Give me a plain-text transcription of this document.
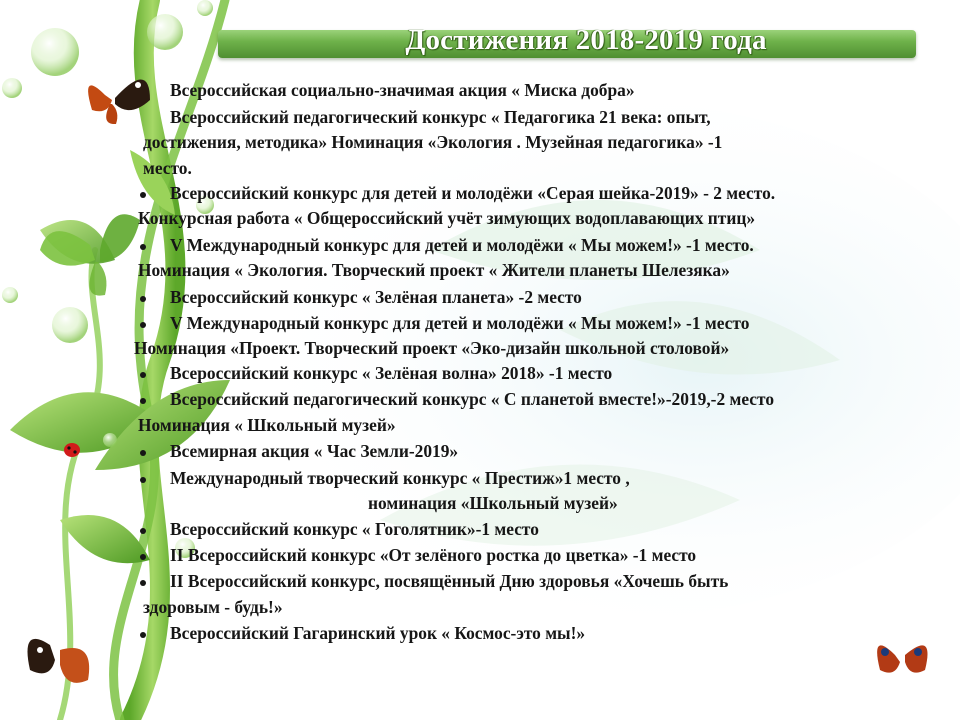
Достижения 2018-2019 года
Всероссийская социально-значимая акция « Миска добра»
Всероссийский педагогический конкурс « Педагогика 21 века: опыт,
достижения, методика» Номинация «Экология . Музейная педагогика» -1
место.
Всероссийский конкурс для детей и молодёжи «Серая шейка-2019» - 2 место.
Конкурсная работа « Общероссийский учёт зимующих водоплавающих птиц»
V Международный конкурс для детей и молодёжи « Мы можем!» -1 место.
Номинация « Экология. Творческий проект « Жители планеты Шелезяка»
Всероссийский конкурс « Зелёная планета» -2 место
V Международный конкурс для детей и молодёжи « Мы можем!» -1 место
Номинация «Проект. Творческий проект «Эко-дизайн школьной столовой»
Всероссийский конкурс « Зелёная волна» 2018» -1 место
Всероссийский педагогический конкурс « С планетой вместе!»-2019,-2 место
Номинация « Школьный музей»
Всемирная акция « Час Земли-2019»
Международный творческий конкурс « Престиж»1 место ,
номинация «Школьный музей»
Всероссийский конкурс « Гоголятник»-1 место
II Всероссийский конкурс «От зелёного ростка до цветка» -1 место
II Всероссийский конкурс, посвящённый Дню здоровья «Хочешь быть
здоровым - будь!»
Всероссийский Гагаринский урок « Космос-это мы!»
